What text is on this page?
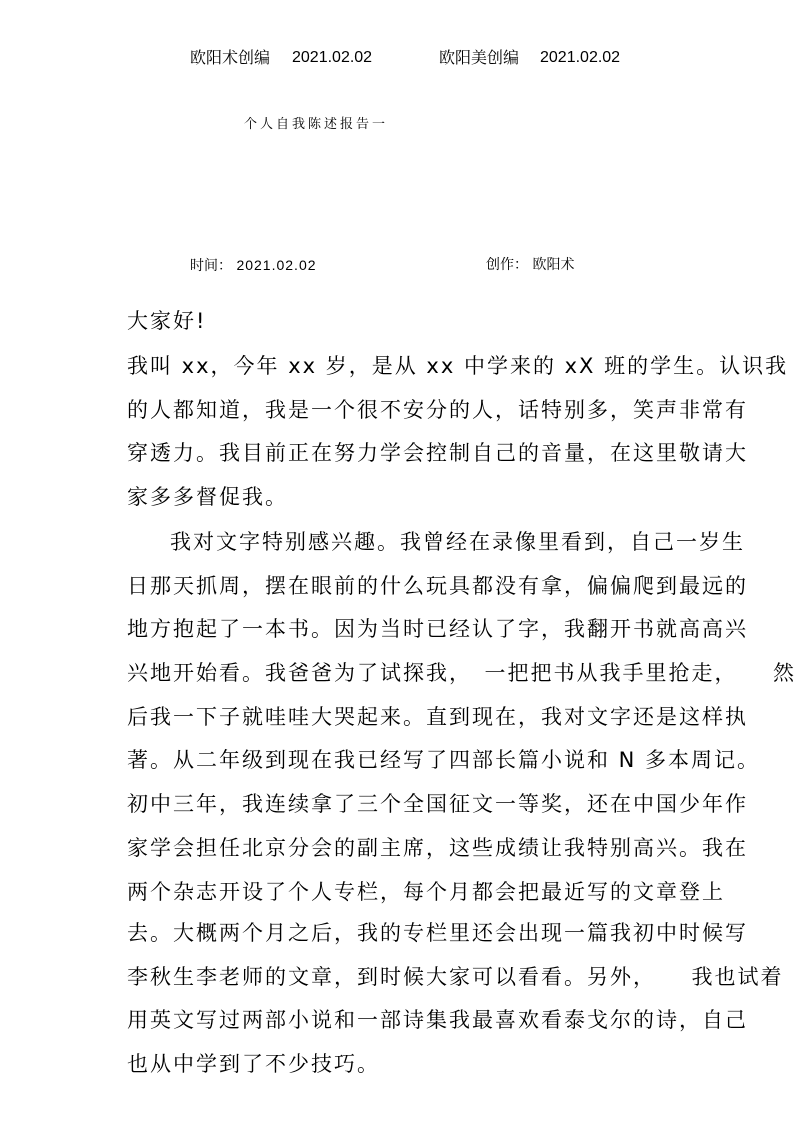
欧阳术创编 2021.02.02	欧阳美创编 2021.02.02
个人自我陈述报告一
时间： 2021.02.02	创作： 欧阳术
大家好!
我叫 xx，今年 xx 岁，是从 xx 中学来的 xX 班的学生。认识我
的人都知道，我是一个很不安分的人，话特别多，笑声非常有
穿透力。我目前正在努力学会控制自己的音量，在这里敬请大
家多多督促我。
我对文字特别感兴趣。我曾经在录像里看到，自己一岁生
日那天抓周，摆在眼前的什么玩具都没有拿，偏偏爬到最远的
地方抱起了一本书。因为当时已经认了字，我翻开书就高高兴
兴地开始看。我爸爸为了试探我，　一把把书从我手里抢走，　　然
后我一下子就哇哇大哭起来。直到现在，我对文字还是这样执
著。从二年级到现在我已经写了四部长篇小说和 N 多本周记。
初中三年，我连续拿了三个全国征文一等奖，还在中国少年作
家学会担任北京分会的副主席，这些成绩让我特别高兴。我在
两个杂志开设了个人专栏，每个月都会把最近写的文章登上
去。大概两个月之后，我的专栏里还会出现一篇我初中时候写
李秋生李老师的文章，到时候大家可以看看。另外，　　我也试着
用英文写过两部小说和一部诗集我最喜欢看泰戈尔的诗，自己
也从中学到了不少技巧。
